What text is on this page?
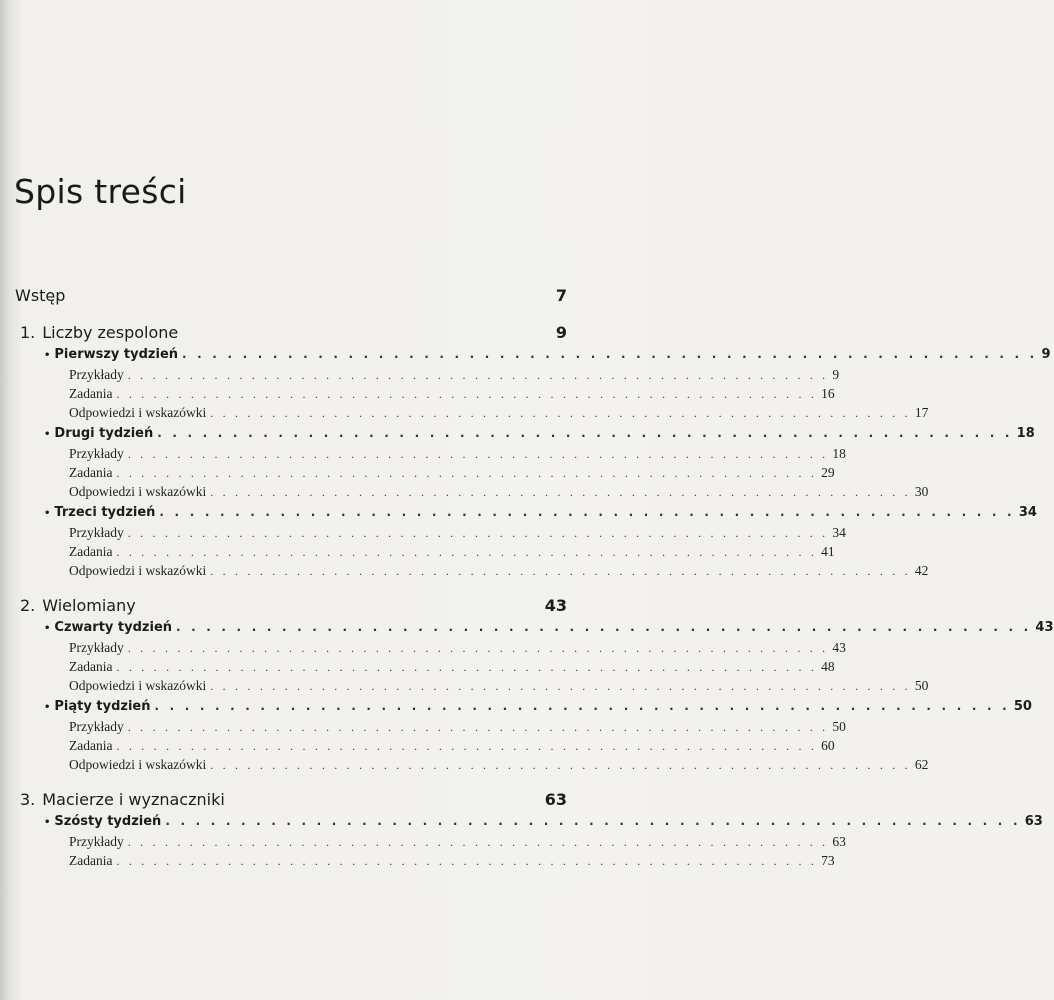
Spis treści
Wstęp	7
1. Liczby zespolone	9
• Pierwszy tydzień . . . . . . . . . . . . . . . . . . . . . . . . . . . . . . . . . . . . . . . . . . . . . . . . . . . . . . . . . 9
Przykłady . . . . . . . . . . . . . . . . . . . . . . . . . . . . . . . . . . . . . . . . . . . . . . . . . . . . . . . . . 9
Zadania . . . . . . . . . . . . . . . . . . . . . . . . . . . . . . . . . . . . . . . . . . . . . . . . . . . . . . . . . 16
Odpowiedzi i wskazówki . . . . . . . . . . . . . . . . . . . . . . . . . . . . . . . . . . . . . . . . . . . . . . . . . . . . . . . . . 17
• Drugi tydzień . . . . . . . . . . . . . . . . . . . . . . . . . . . . . . . . . . . . . . . . . . . . . . . . . . . . . . . . . 18
Przykłady . . . . . . . . . . . . . . . . . . . . . . . . . . . . . . . . . . . . . . . . . . . . . . . . . . . . . . . . . 18
Zadania . . . . . . . . . . . . . . . . . . . . . . . . . . . . . . . . . . . . . . . . . . . . . . . . . . . . . . . . . 29
Odpowiedzi i wskazówki . . . . . . . . . . . . . . . . . . . . . . . . . . . . . . . . . . . . . . . . . . . . . . . . . . . . . . . . . 30
• Trzeci tydzień . . . . . . . . . . . . . . . . . . . . . . . . . . . . . . . . . . . . . . . . . . . . . . . . . . . . . . . . . 34
Przykłady . . . . . . . . . . . . . . . . . . . . . . . . . . . . . . . . . . . . . . . . . . . . . . . . . . . . . . . . . 34
Zadania . . . . . . . . . . . . . . . . . . . . . . . . . . . . . . . . . . . . . . . . . . . . . . . . . . . . . . . . . 41
Odpowiedzi i wskazówki . . . . . . . . . . . . . . . . . . . . . . . . . . . . . . . . . . . . . . . . . . . . . . . . . . . . . . . . . 42
2. Wielomiany	43
• Czwarty tydzień . . . . . . . . . . . . . . . . . . . . . . . . . . . . . . . . . . . . . . . . . . . . . . . . . . . . . . . . . 43
Przykłady . . . . . . . . . . . . . . . . . . . . . . . . . . . . . . . . . . . . . . . . . . . . . . . . . . . . . . . . . 43
Zadania . . . . . . . . . . . . . . . . . . . . . . . . . . . . . . . . . . . . . . . . . . . . . . . . . . . . . . . . . 48
Odpowiedzi i wskazówki . . . . . . . . . . . . . . . . . . . . . . . . . . . . . . . . . . . . . . . . . . . . . . . . . . . . . . . . . 50
• Piąty tydzień . . . . . . . . . . . . . . . . . . . . . . . . . . . . . . . . . . . . . . . . . . . . . . . . . . . . . . . . . 50
Przykłady . . . . . . . . . . . . . . . . . . . . . . . . . . . . . . . . . . . . . . . . . . . . . . . . . . . . . . . . . 50
Zadania . . . . . . . . . . . . . . . . . . . . . . . . . . . . . . . . . . . . . . . . . . . . . . . . . . . . . . . . . 60
Odpowiedzi i wskazówki . . . . . . . . . . . . . . . . . . . . . . . . . . . . . . . . . . . . . . . . . . . . . . . . . . . . . . . . . 62
3. Macierze i wyznaczniki	63
• Szósty tydzień . . . . . . . . . . . . . . . . . . . . . . . . . . . . . . . . . . . . . . . . . . . . . . . . . . . . . . . . . 63
Przykłady . . . . . . . . . . . . . . . . . . . . . . . . . . . . . . . . . . . . . . . . . . . . . . . . . . . . . . . . . 63
Zadania . . . . . . . . . . . . . . . . . . . . . . . . . . . . . . . . . . . . . . . . . . . . . . . . . . . . . . . . . 73
